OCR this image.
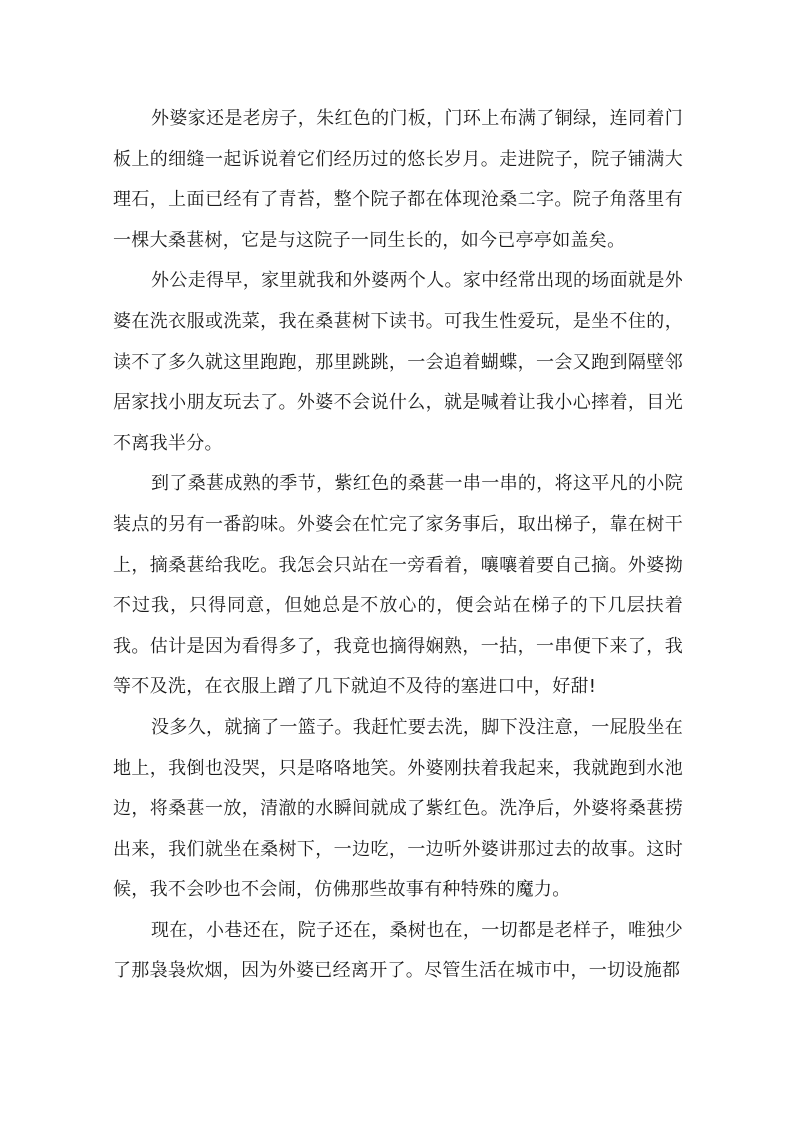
外婆家还是老房子，朱红色的门板，门环上布满了铜绿，连同着门板上的细缝一起诉说着它们经历过的悠长岁月。走进院子，院子铺满大理石，上面已经有了青苔，整个院子都在体现沧桑二字。院子角落里有一棵大桑葚树，它是与这院子一同生长的，如今已亭亭如盖矣。

外公走得早，家里就我和外婆两个人。家中经常出现的场面就是外婆在洗衣服或洗菜，我在桑葚树下读书。可我生性爱玩，是坐不住的，读不了多久就这里跑跑，那里跳跳，一会追着蝴蝶，一会又跑到隔壁邻居家找小朋友玩去了。外婆不会说什么，就是喊着让我小心摔着，目光不离我半分。

到了桑葚成熟的季节，紫红色的桑葚一串一串的，将这平凡的小院装点的另有一番韵味。外婆会在忙完了家务事后，取出梯子，靠在树干上，摘桑葚给我吃。我怎会只站在一旁看着，嚷嚷着要自己摘。外婆拗不过我，只得同意，但她总是不放心的，便会站在梯子的下几层扶着我。估计是因为看得多了，我竟也摘得娴熟，一拈，一串便下来了，我等不及洗，在衣服上蹭了几下就迫不及待的塞进口中，好甜!

没多久，就摘了一篮子。我赶忙要去洗，脚下没注意，一屁股坐在地上，我倒也没哭，只是咯咯地笑。外婆刚扶着我起来，我就跑到水池边，将桑葚一放，清澈的水瞬间就成了紫红色。洗净后，外婆将桑葚捞出来，我们就坐在桑树下，一边吃，一边听外婆讲那过去的故事。这时候，我不会吵也不会闹，仿佛那些故事有种特殊的魔力。

现在，小巷还在，院子还在，桑树也在，一切都是老样子，唯独少了那袅袅炊烟，因为外婆已经离开了。尽管生活在城市中，一切设施都
